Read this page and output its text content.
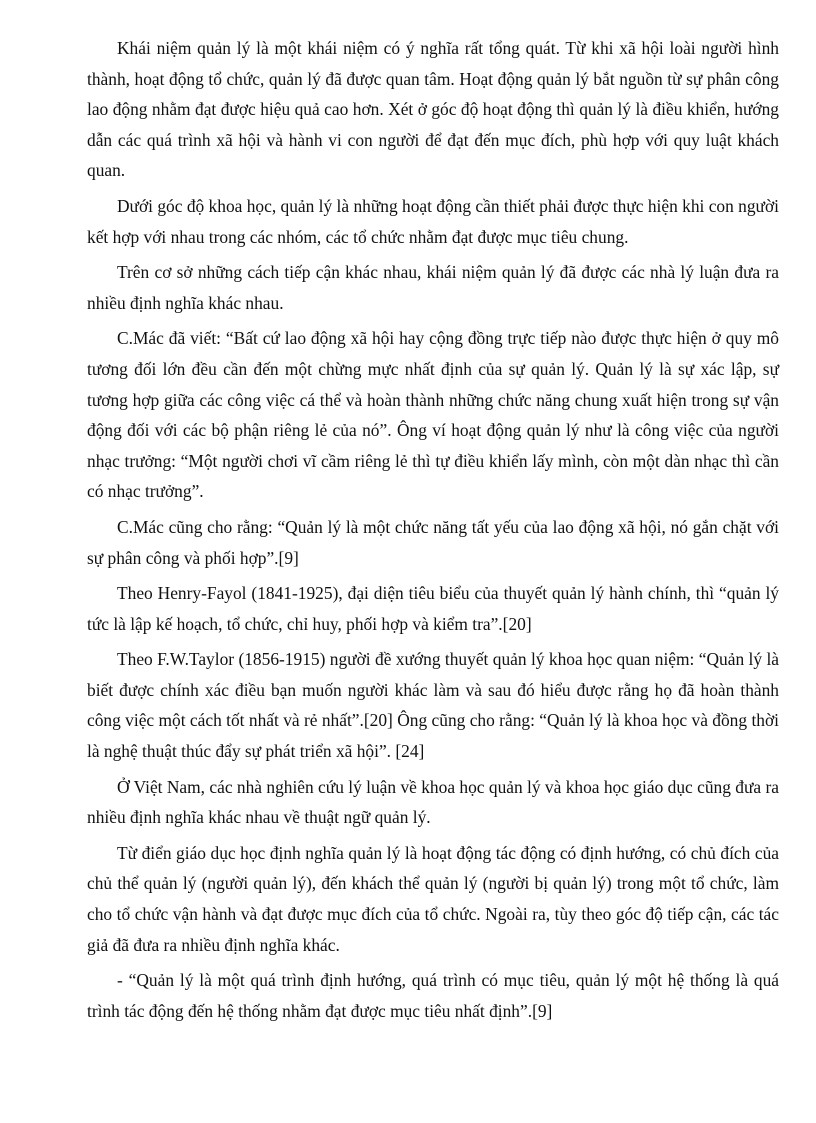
Khái niệm quản lý là một khái niệm có ý nghĩa rất tổng quát. Từ khi xã hội loài người hình thành, hoạt động tổ chức, quản lý đã được quan tâm. Hoạt động quản lý bắt nguồn từ sự phân công lao động nhằm đạt được hiệu quả cao hơn. Xét ở góc độ hoạt động thì quản lý là điều khiển, hướng dẫn các quá trình xã hội và hành vi con người để đạt đến mục đích, phù hợp với quy luật khách quan.

Dưới góc độ khoa học, quản lý là những hoạt động cần thiết phải được thực hiện khi con người kết hợp với nhau trong các nhóm, các tổ chức nhằm đạt được mục tiêu chung.

Trên cơ sở những cách tiếp cận khác nhau, khái niệm quản lý đã được các nhà lý luận đưa ra nhiều định nghĩa khác nhau.

C.Mác đã viết: “Bất cứ lao động xã hội hay cộng đồng trực tiếp nào được thực hiện ở quy mô tương đối lớn đều cần đến một chừng mực nhất định của sự quản lý. Quản lý là sự xác lập, sự tương hợp giữa các công việc cá thể và hoàn thành những chức năng chung xuất hiện trong sự vận động đối với các bộ phận riêng lẻ của nó”. Ông ví hoạt động quản lý như là công việc của người nhạc trưởng: “Một người chơi vĩ cầm riêng lẻ thì tự điều khiển lấy mình, còn một dàn nhạc thì cần có nhạc trưởng”.

C.Mác cũng cho rằng: “Quản lý là một chức năng tất yếu của lao động xã hội, nó gắn chặt với sự phân công và phối hợp”.[9]

Theo Henry-Fayol (1841-1925), đại diện tiêu biểu của thuyết quản lý hành chính, thì “quản lý tức là lập kế hoạch, tổ chức, chỉ huy, phối hợp và kiểm tra”.[20]

Theo F.W.Taylor (1856-1915) người đề xướng thuyết quản lý khoa học quan niệm: “Quản lý là biết được chính xác điều bạn muốn người khác làm và sau đó hiểu được rằng họ đã hoàn thành công việc một cách tốt nhất và rẻ nhất”.[20] Ông cũng cho rằng: “Quản lý là khoa học và đồng thời là nghệ thuật thúc đẩy sự phát triển xã hội”. [24]

Ở Việt Nam, các nhà nghiên cứu lý luận về khoa học quản lý và khoa học giáo dục cũng đưa ra nhiều định nghĩa khác nhau về thuật ngữ quản lý.

Từ điển giáo dục học định nghĩa quản lý là hoạt động tác động có định hướng, có chủ đích của chủ thể quản lý (người quản lý), đến khách thể quản lý (người bị quản lý) trong một tổ chức, làm cho tổ chức vận hành và đạt được mục đích của tổ chức. Ngoài ra, tùy theo góc độ tiếp cận, các tác giả đã đưa ra nhiều định nghĩa khác.

- “Quản lý là một quá trình định hướng, quá trình có mục tiêu, quản lý một hệ thống là quá trình tác động đến hệ thống nhằm đạt được mục tiêu nhất định”.[9]
